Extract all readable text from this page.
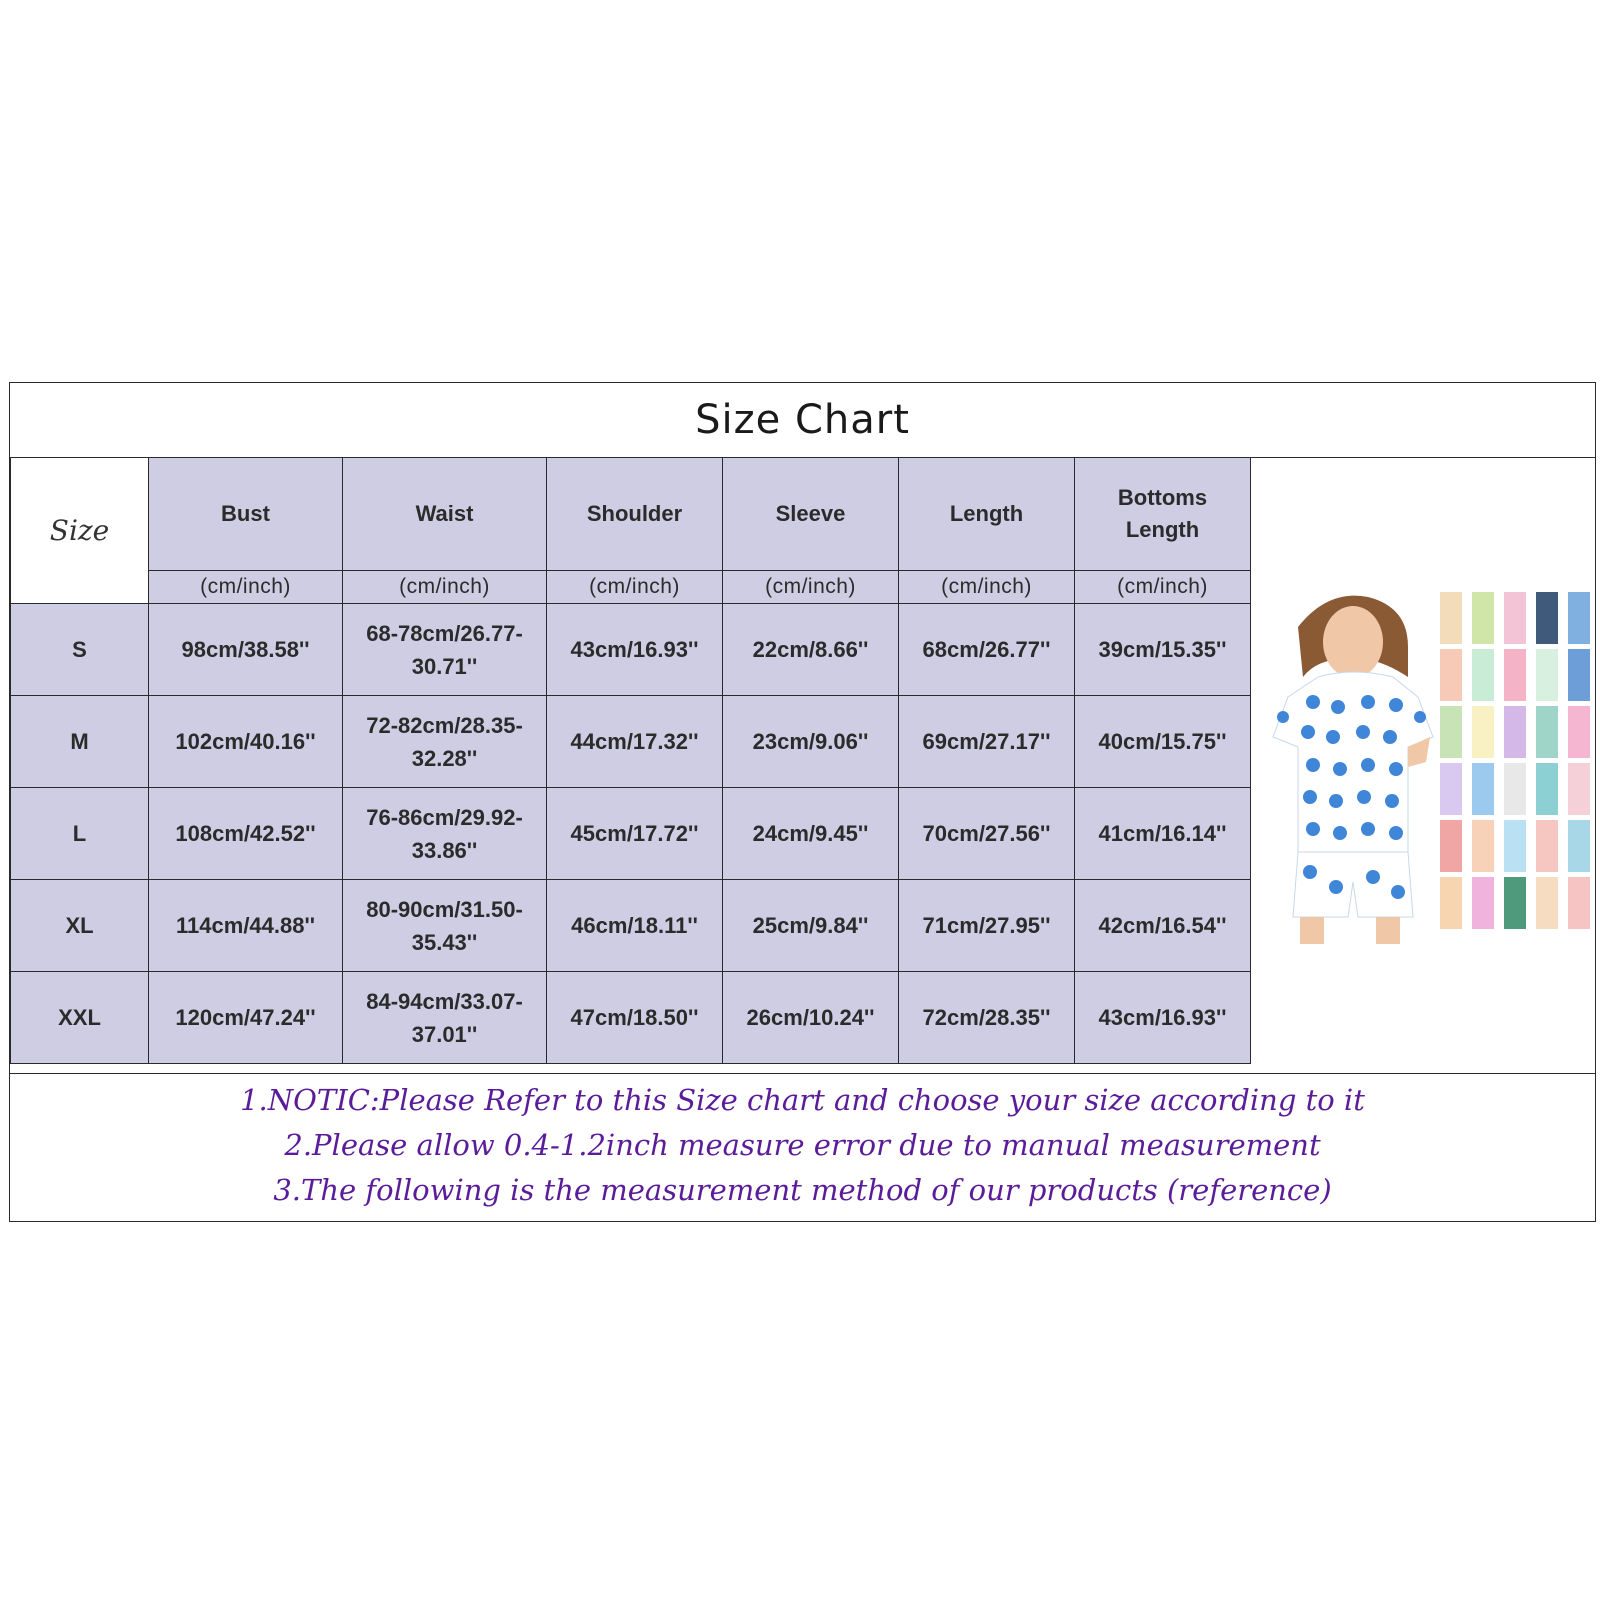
Size Chart
Size	Bust	Waist	Shoulder	Sleeve	Length	Bottoms Length
	(cm/inch)	(cm/inch)	(cm/inch)	(cm/inch)	(cm/inch)	(cm/inch)
S	98cm/38.58''	68-78cm/26.77-30.71''	43cm/16.93''	22cm/8.66''	68cm/26.77''	39cm/15.35''
M	102cm/40.16''	72-82cm/28.35-32.28''	44cm/17.32''	23cm/9.06''	69cm/27.17''	40cm/15.75''
L	108cm/42.52''	76-86cm/29.92-33.86''	45cm/17.72''	24cm/9.45''	70cm/27.56''	41cm/16.14''
XL	114cm/44.88''	80-90cm/31.50-35.43''	46cm/18.11''	25cm/9.84''	71cm/27.95''	42cm/16.54''
XXL	120cm/47.24''	84-94cm/33.07-37.01''	47cm/18.50''	26cm/10.24''	72cm/28.35''	43cm/16.93''
1.NOTIC:Please Refer to this Size chart and choose your size according to it
2.Please allow 0.4-1.2inch measure error due to manual measurement
3.The following is the measurement method of our products (reference)
